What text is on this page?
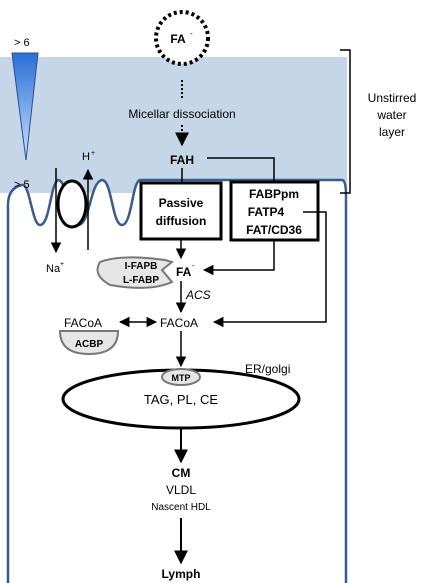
> 6
> 5
FA -
Micellar dissociation
FAH
Unstirred
water
layer
H +
Na +
Passive
diffusion
FABPpm
FATP4
FAT/CD36
I-FAPB
L-FABP
FA -
ACS
FACoA	FACoA
ACBP
ER/golgi
MTP
TAG, PL, CE
CM
VLDL
Nascent HDL
Lymph
